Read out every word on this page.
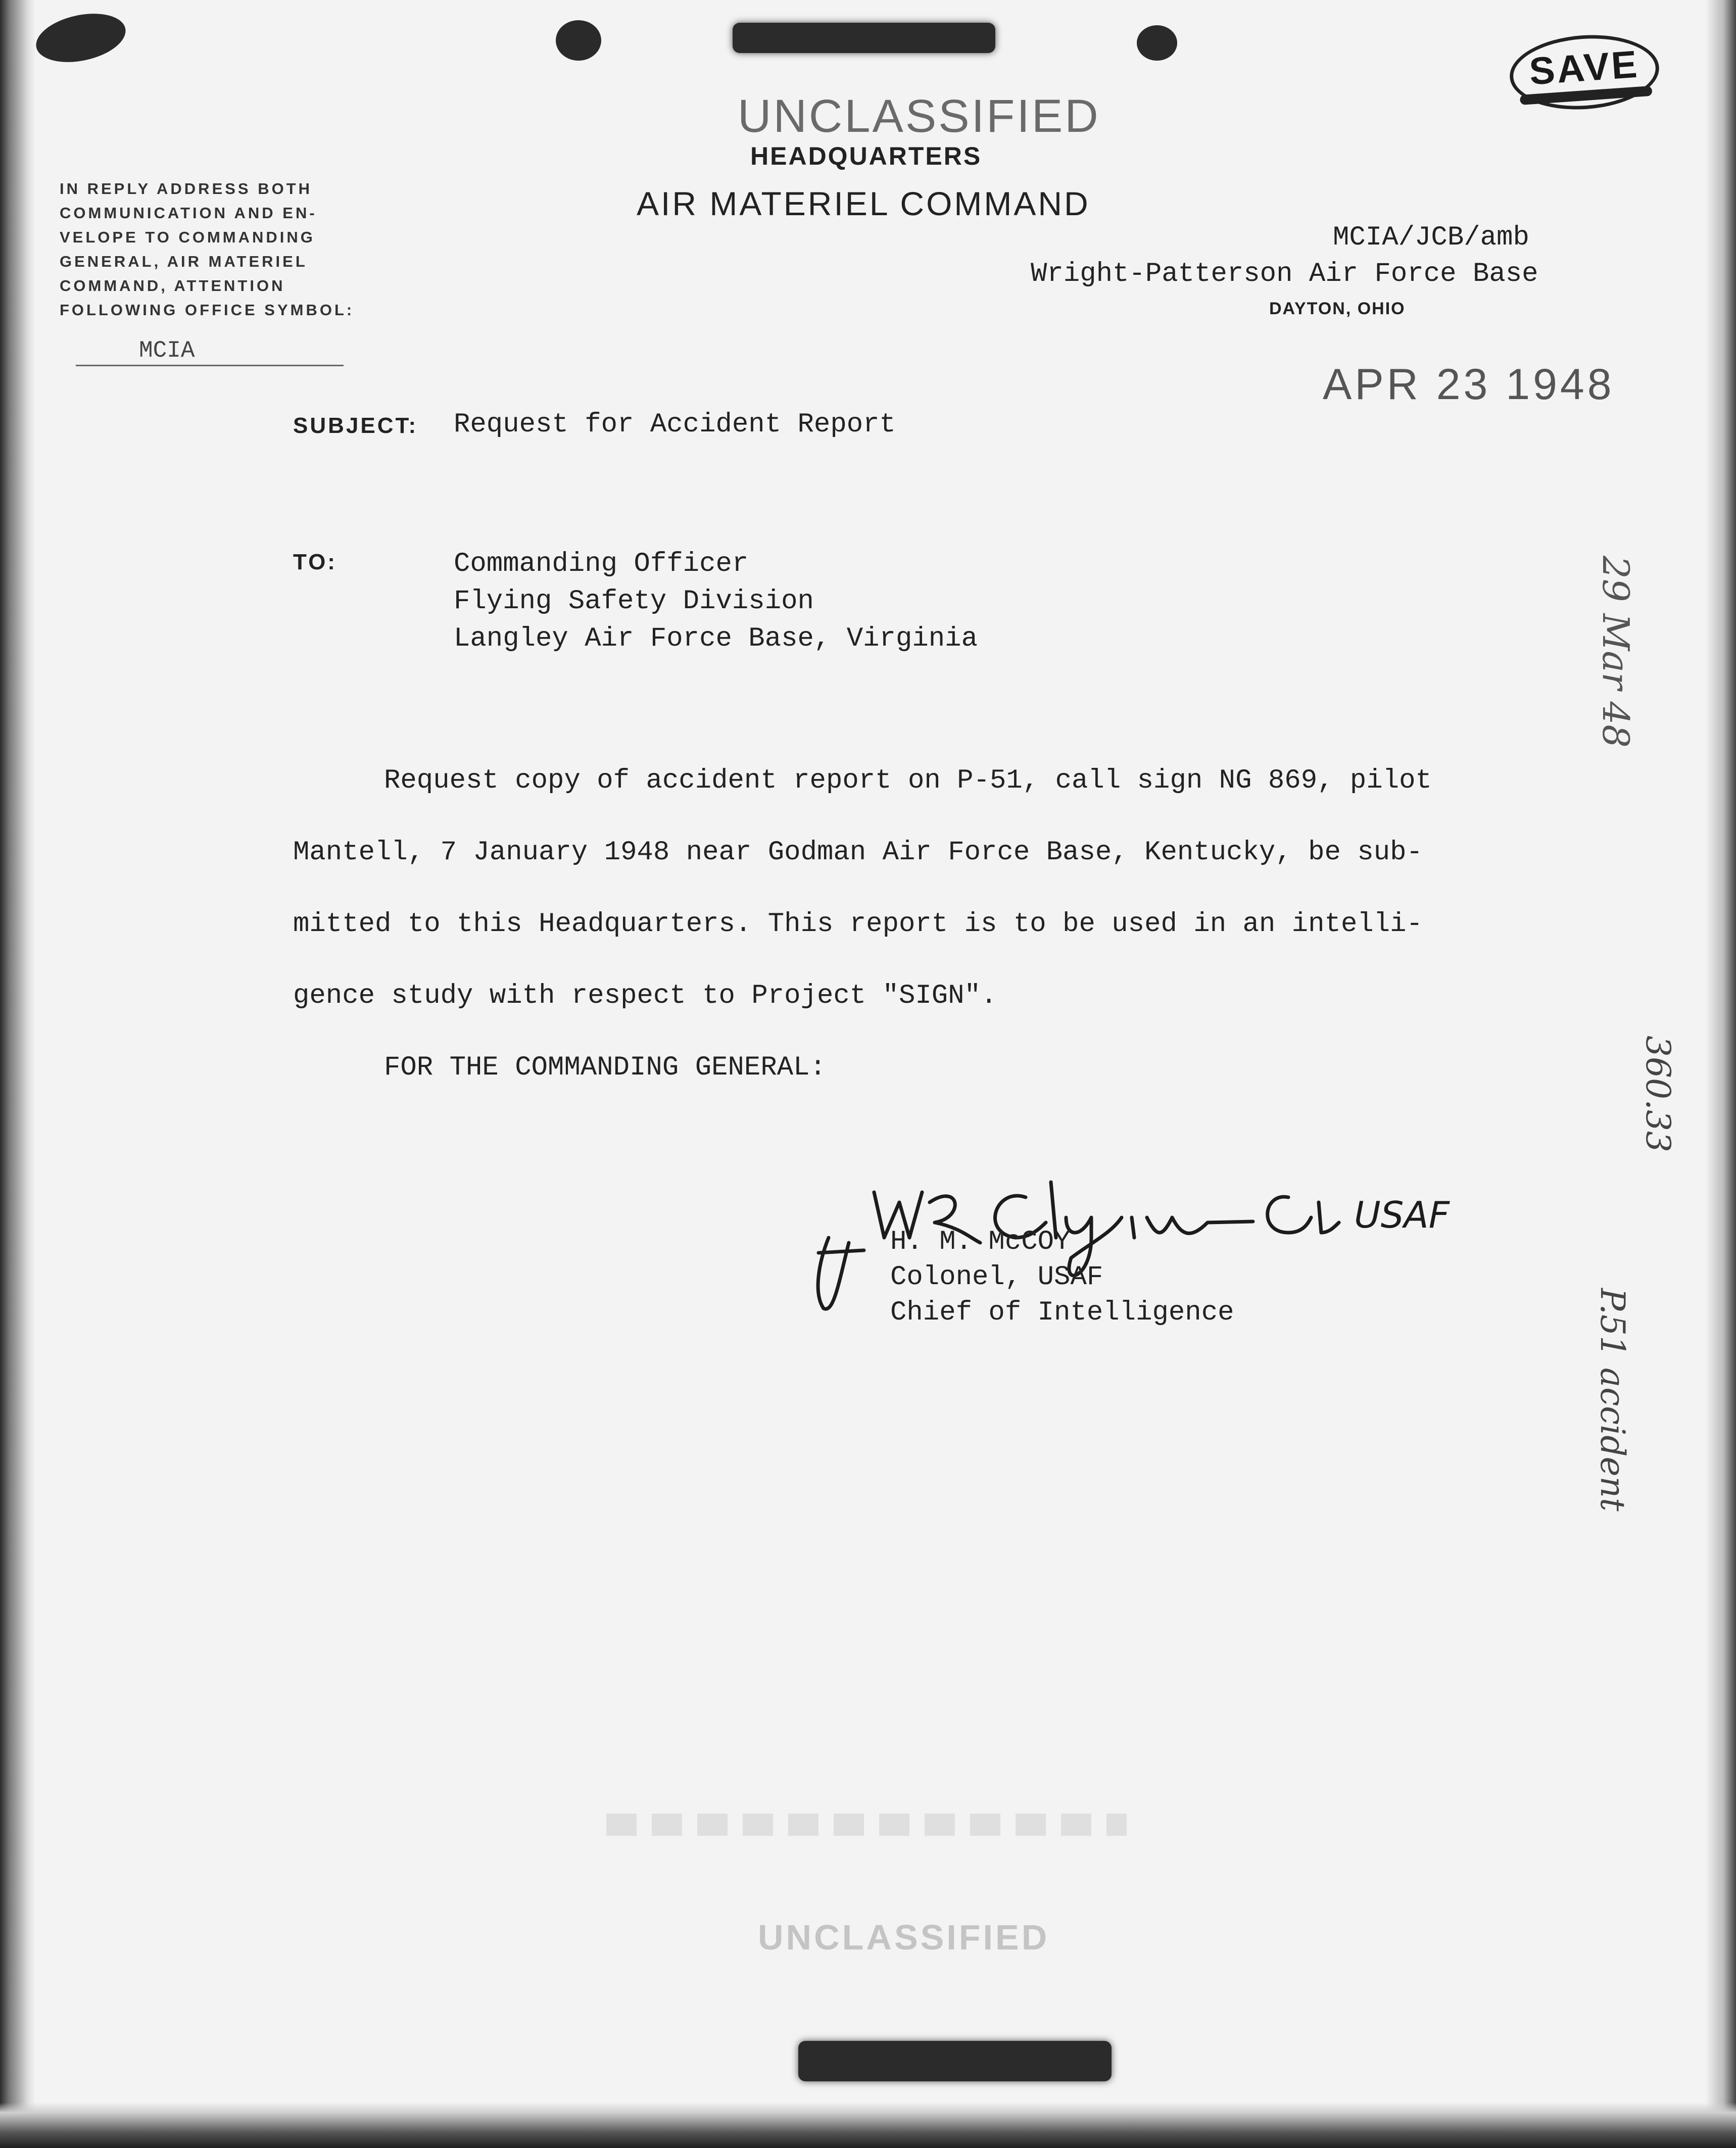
SAVE
UNCLASSIFIED
HEADQUARTERS
AIR MATERIEL COMMAND
IN REPLY ADDRESS BOTH
COMMUNICATION AND EN-
VELOPE TO COMMANDING
GENERAL, AIR MATERIEL
COMMAND, ATTENTION
FOLLOWING OFFICE SYMBOL:
MCIA
MCIA/JCB/amb
Wright-Patterson Air Force Base
DAYTON, OHIO
APR 23 1948
SUBJECT: Request for Accident Report
TO:	Commanding Officer
Flying Safety Division
Langley Air Force Base, Virginia
Request copy of accident report on P-51, call sign NG 869, pilot
Mantell, 7 January 1948 near Godman Air Force Base, Kentucky, be sub-
mitted to this Headquarters. This report is to be used in an intelli-
gence study with respect to Project "SIGN".
FOR THE COMMANDING GENERAL:
USAF
H. M. McCOY
Colonel, USAF
Chief of Intelligence
UNCLASSIFIED
29 Mar 48
360.33
P.51 accident
